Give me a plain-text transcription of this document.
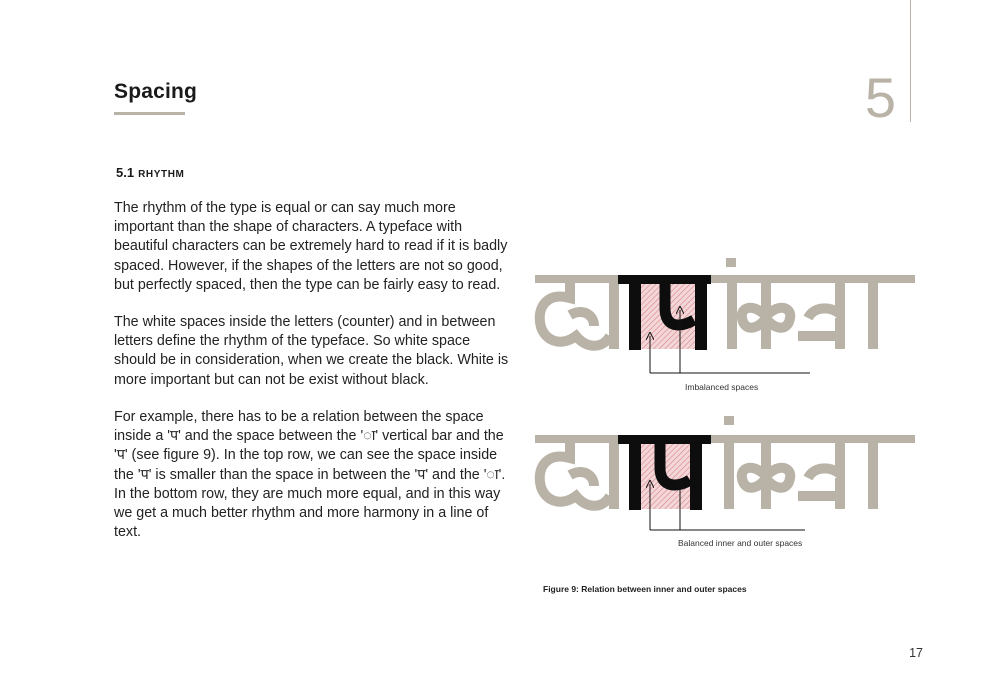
5
Spacing
5.1 RHYTHM

The rhythm of the type is equal or can say much more important than the shape of characters. A typeface with beautiful characters can be extremely hard to read if it is badly spaced. However, if the shapes of the letters are not so good, but perfectly spaced, then the type can be fairly easy to read.

The white spaces inside the letters (counter) and in between letters define the rhythm of the typeface. So white space should be in consideration, when we create the black. White is more important but can not be exist without black.

For example, there has to be a relation between the space inside a 'प' and the space between the 'ा' vertical bar and the 'प' (see figure 9). In the top row, we can see the space inside the 'प' is smaller than the space in between the 'प' and the 'ा'. In the bottom row, they are much more equal, and in this way we get a much better rhythm and more harmony in a line of text.

Imbalanced spaces
Balanced inner and outer spaces
Figure 9: Relation between inner and outer spaces
17
